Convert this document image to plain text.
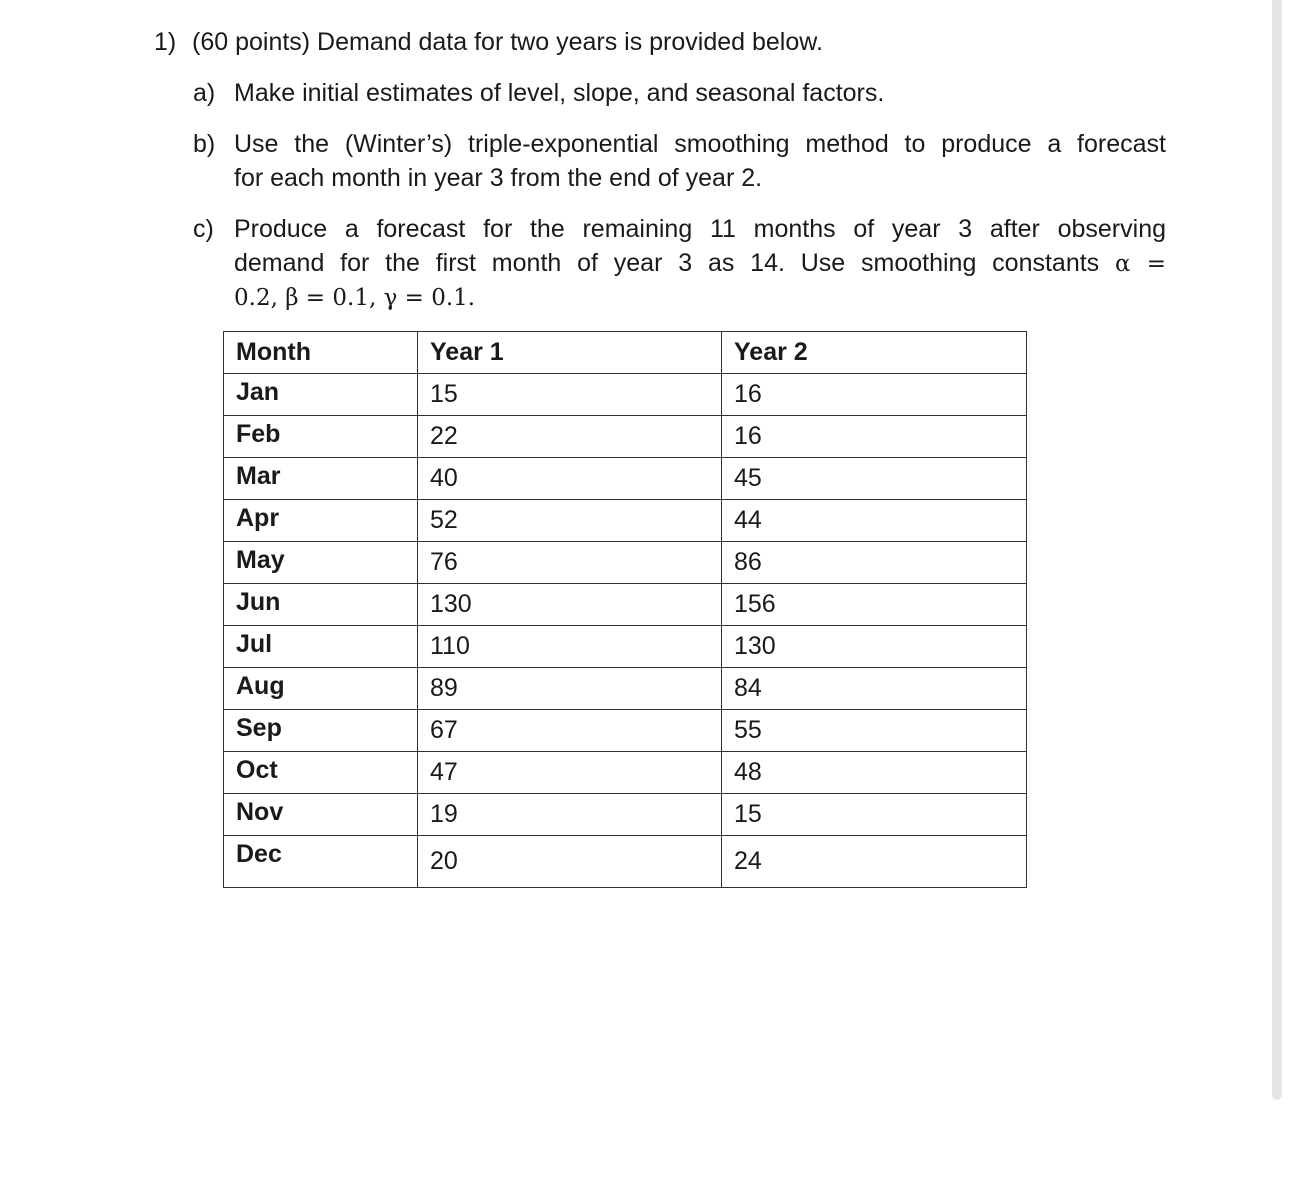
1) (60 points) Demand data for two years is provided below.
a) Make initial estimates of level, slope, and seasonal factors.
b) Use the (Winter’s) triple-exponential smoothing method to produce a forecast
for each month in year 3 from the end of year 2.
c) Produce a forecast for the remaining 11 months of year 3 after observing
demand for the first month of year 3 as 14. Use smoothing constants α =
0.2, β = 0.1, γ = 0.1.
Month	Year 1	Year 2
Jan	15	16
Feb	22	16
Mar	40	45
Apr	52	44
May	76	86
Jun	130	156
Jul	110	130
Aug	89	84
Sep	67	55
Oct	47	48
Nov	19	15
Dec	20	24
